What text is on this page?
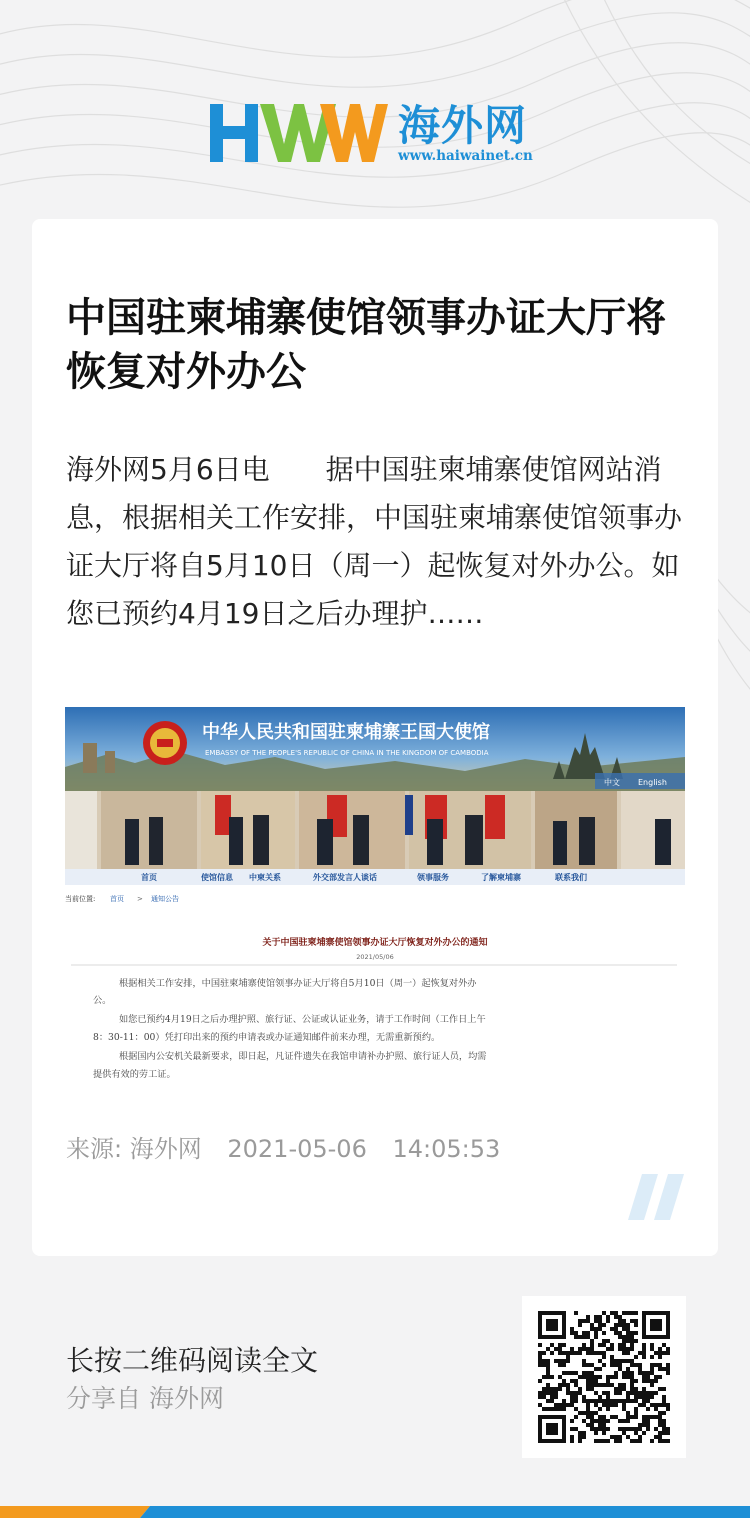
海外网
www.haiwainet.cn
中国驻柬埔寨使馆领事办证大厅将恢复对外办公

海外网5月6日电　　据中国驻柬埔寨使馆网站消息，根据相关工作安排，中国驻柬埔寨使馆领事办证大厅将自5月10日（周一）起恢复对外办公。如您已预约4月19日之后办理护……

中华人民共和国驻柬埔寨王国大使馆
EMBASSY OF THE PEOPLE'S REPUBLIC OF CHINA IN THE KINGDOM OF CAMBODIA
中文 English
首页	使馆信息 中柬关系	外交部发言人谈话	领事服务	了解柬埔寨	联系我们
当前位置: 首页 > 通知公告
关于中国驻柬埔寨使馆领事办证大厅恢复对外办公的通知
2021/05/06
根据相关工作安排，中国驻柬埔寨使馆领事办证大厅将自5月10日（周一）起恢复对外办
公。
如您已预约4月19日之后办理护照、旅行证、公证或认证业务，请于工作时间（工作日上午
8：30-11：00）凭打印出来的预约申请表或办证通知邮件前来办理，无需重新预约。
根据国内公安机关最新要求，即日起，凡证件遗失在我馆申请补办护照、旅行证人员，均需
提供有效的劳工证。
来源: 海外网 2021-05-06 14:05:53
长按二维码阅读全文
分享自 海外网
